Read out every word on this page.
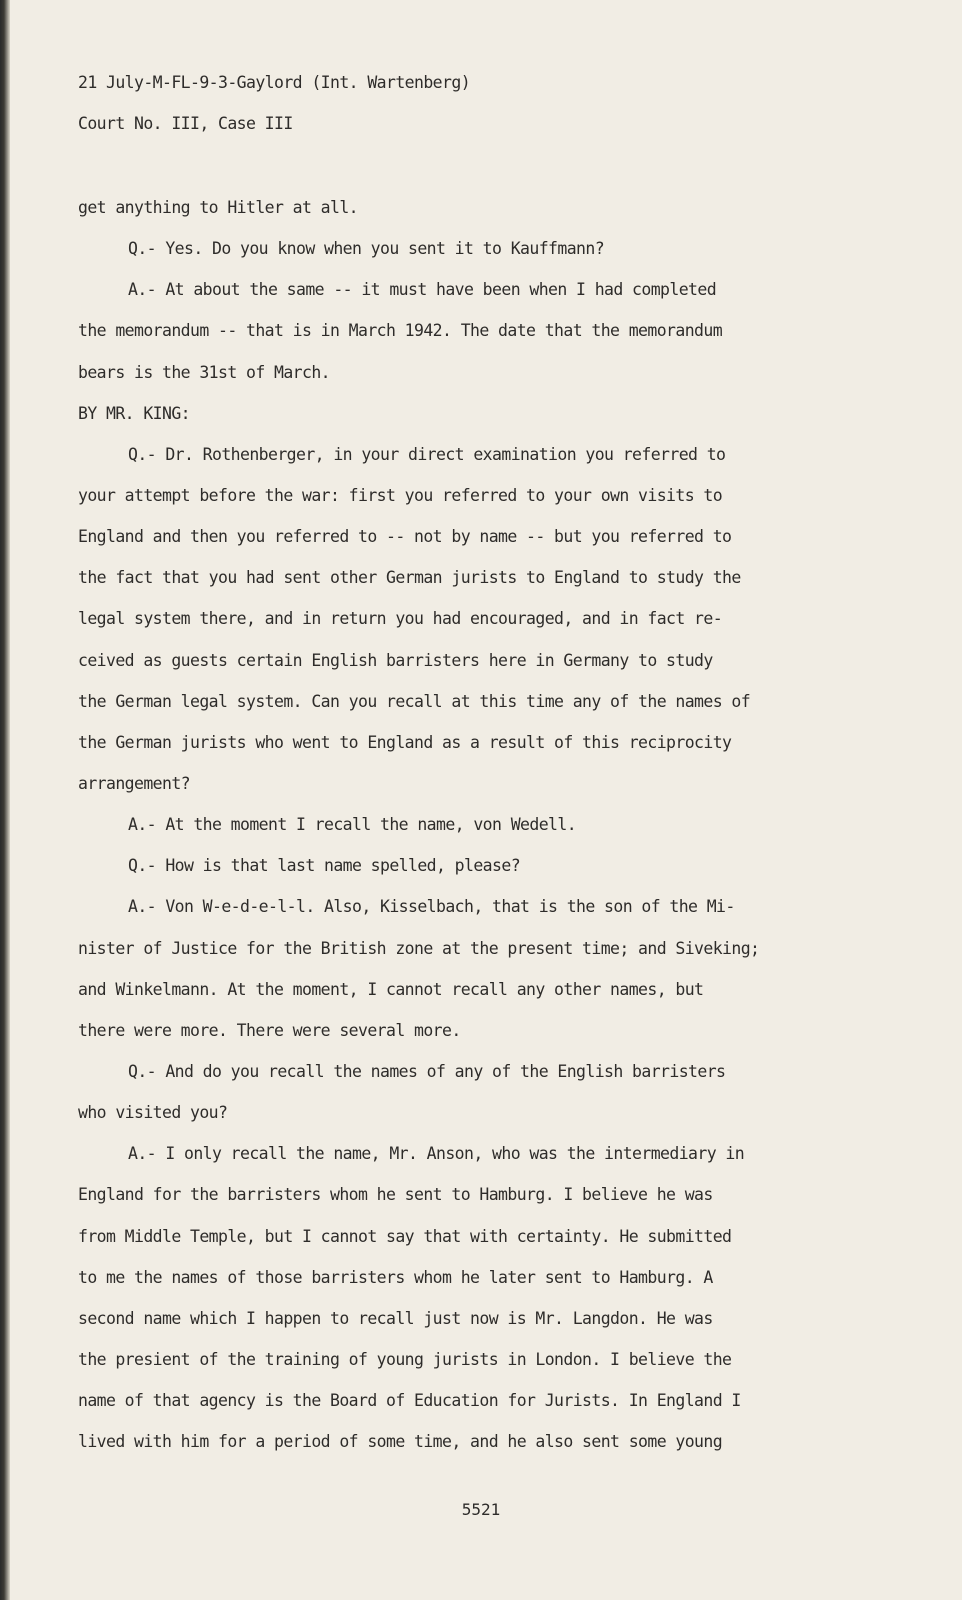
21 July-M-FL-9-3-Gaylord (Int. Wartenberg)
Court No. III, Case III
get anything to Hitler at all.
Q.- Yes. Do you know when you sent it to Kauffmann?
A.- At about the same -- it must have been when I had completed
the memorandum -- that is in March 1942. The date that the memorandum
bears is the 31st of March.
BY MR. KING:
Q.- Dr. Rothenberger, in your direct examination you referred to
your attempt before the war: first you referred to your own visits to
England and then you referred to -- not by name -- but you referred to
the fact that you had sent other German jurists to England to study the
legal system there, and in return you had encouraged, and in fact re-
ceived as guests certain English barristers here in Germany to study
the German legal system. Can you recall at this time any of the names of
the German jurists who went to England as a result of this reciprocity
arrangement?
A.- At the moment I recall the name, von Wedell.
Q.- How is that last name spelled, please?
A.- Von W-e-d-e-l-l. Also, Kisselbach, that is the son of the Mi-
nister of Justice for the British zone at the present time; and Siveking;
and Winkelmann. At the moment, I cannot recall any other names, but
there were more. There were several more.
Q.- And do you recall the names of any of the English barristers
who visited you?
A.- I only recall the name, Mr. Anson, who was the intermediary in
England for the barristers whom he sent to Hamburg. I believe he was
from Middle Temple, but I cannot say that with certainty. He submitted
to me the names of those barristers whom he later sent to Hamburg. A
second name which I happen to recall just now is Mr. Langdon. He was
the presient of the training of young jurists in London. I believe the
name of that agency is the Board of Education for Jurists. In England I
lived with him for a period of some time, and he also sent some young
5521
